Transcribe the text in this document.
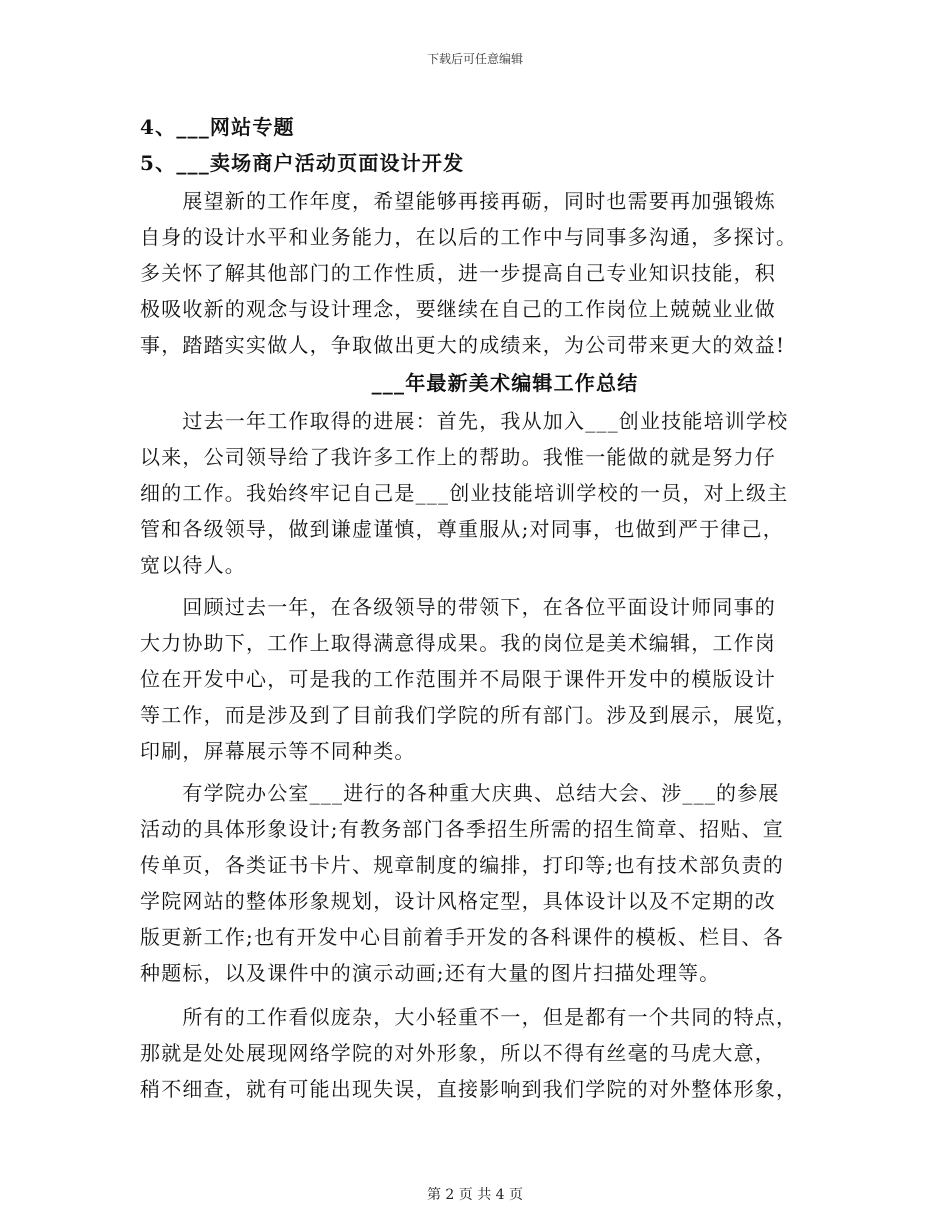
下载后可任意编辑
4、___网站专题
5、___卖场商户活动页面设计开发
　　展望新的工作年度，希望能够再接再砺，同时也需要再加强锻炼
自身的设计水平和业务能力，在以后的工作中与同事多沟通，多探讨。
多关怀了解其他部门的工作性质，进一步提高自己专业知识技能，积
极吸收新的观念与设计理念，要继续在自己的工作岗位上兢兢业业做
事，踏踏实实做人，争取做出更大的成绩来，为公司带来更大的效益!
___年最新美术编辑工作总结
　　过去一年工作取得的进展：首先，我从加入___创业技能培训学校
以来，公司领导给了我许多工作上的帮助。我惟一能做的就是努力仔
细的工作。我始终牢记自己是___创业技能培训学校的一员，对上级主
管和各级领导，做到谦虚谨慎，尊重服从;对同事，也做到严于律己，
宽以待人。
　　回顾过去一年，在各级领导的带领下，在各位平面设计师同事的
大力协助下，工作上取得满意得成果。我的岗位是美术编辑，工作岗
位在开发中心，可是我的工作范围并不局限于课件开发中的模版设计
等工作，而是涉及到了目前我们学院的所有部门。涉及到展示，展览，
印刷，屏幕展示等不同种类。
　　有学院办公室___进行的各种重大庆典、总结大会、涉___的参展
活动的具体形象设计;有教务部门各季招生所需的招生简章、招贴、宣
传单页，各类证书卡片、规章制度的编排，打印等;也有技术部负责的
学院网站的整体形象规划，设计风格定型，具体设计以及不定期的改
版更新工作;也有开发中心目前着手开发的各科课件的模板、栏目、各
种题标，以及课件中的演示动画;还有大量的图片扫描处理等。
　　所有的工作看似庞杂，大小轻重不一，但是都有一个共同的特点，
那就是处处展现网络学院的对外形象，所以不得有丝毫的马虎大意，
稍不细查，就有可能出现失误，直接影响到我们学院的对外整体形象，
第 2 页 共 4 页
